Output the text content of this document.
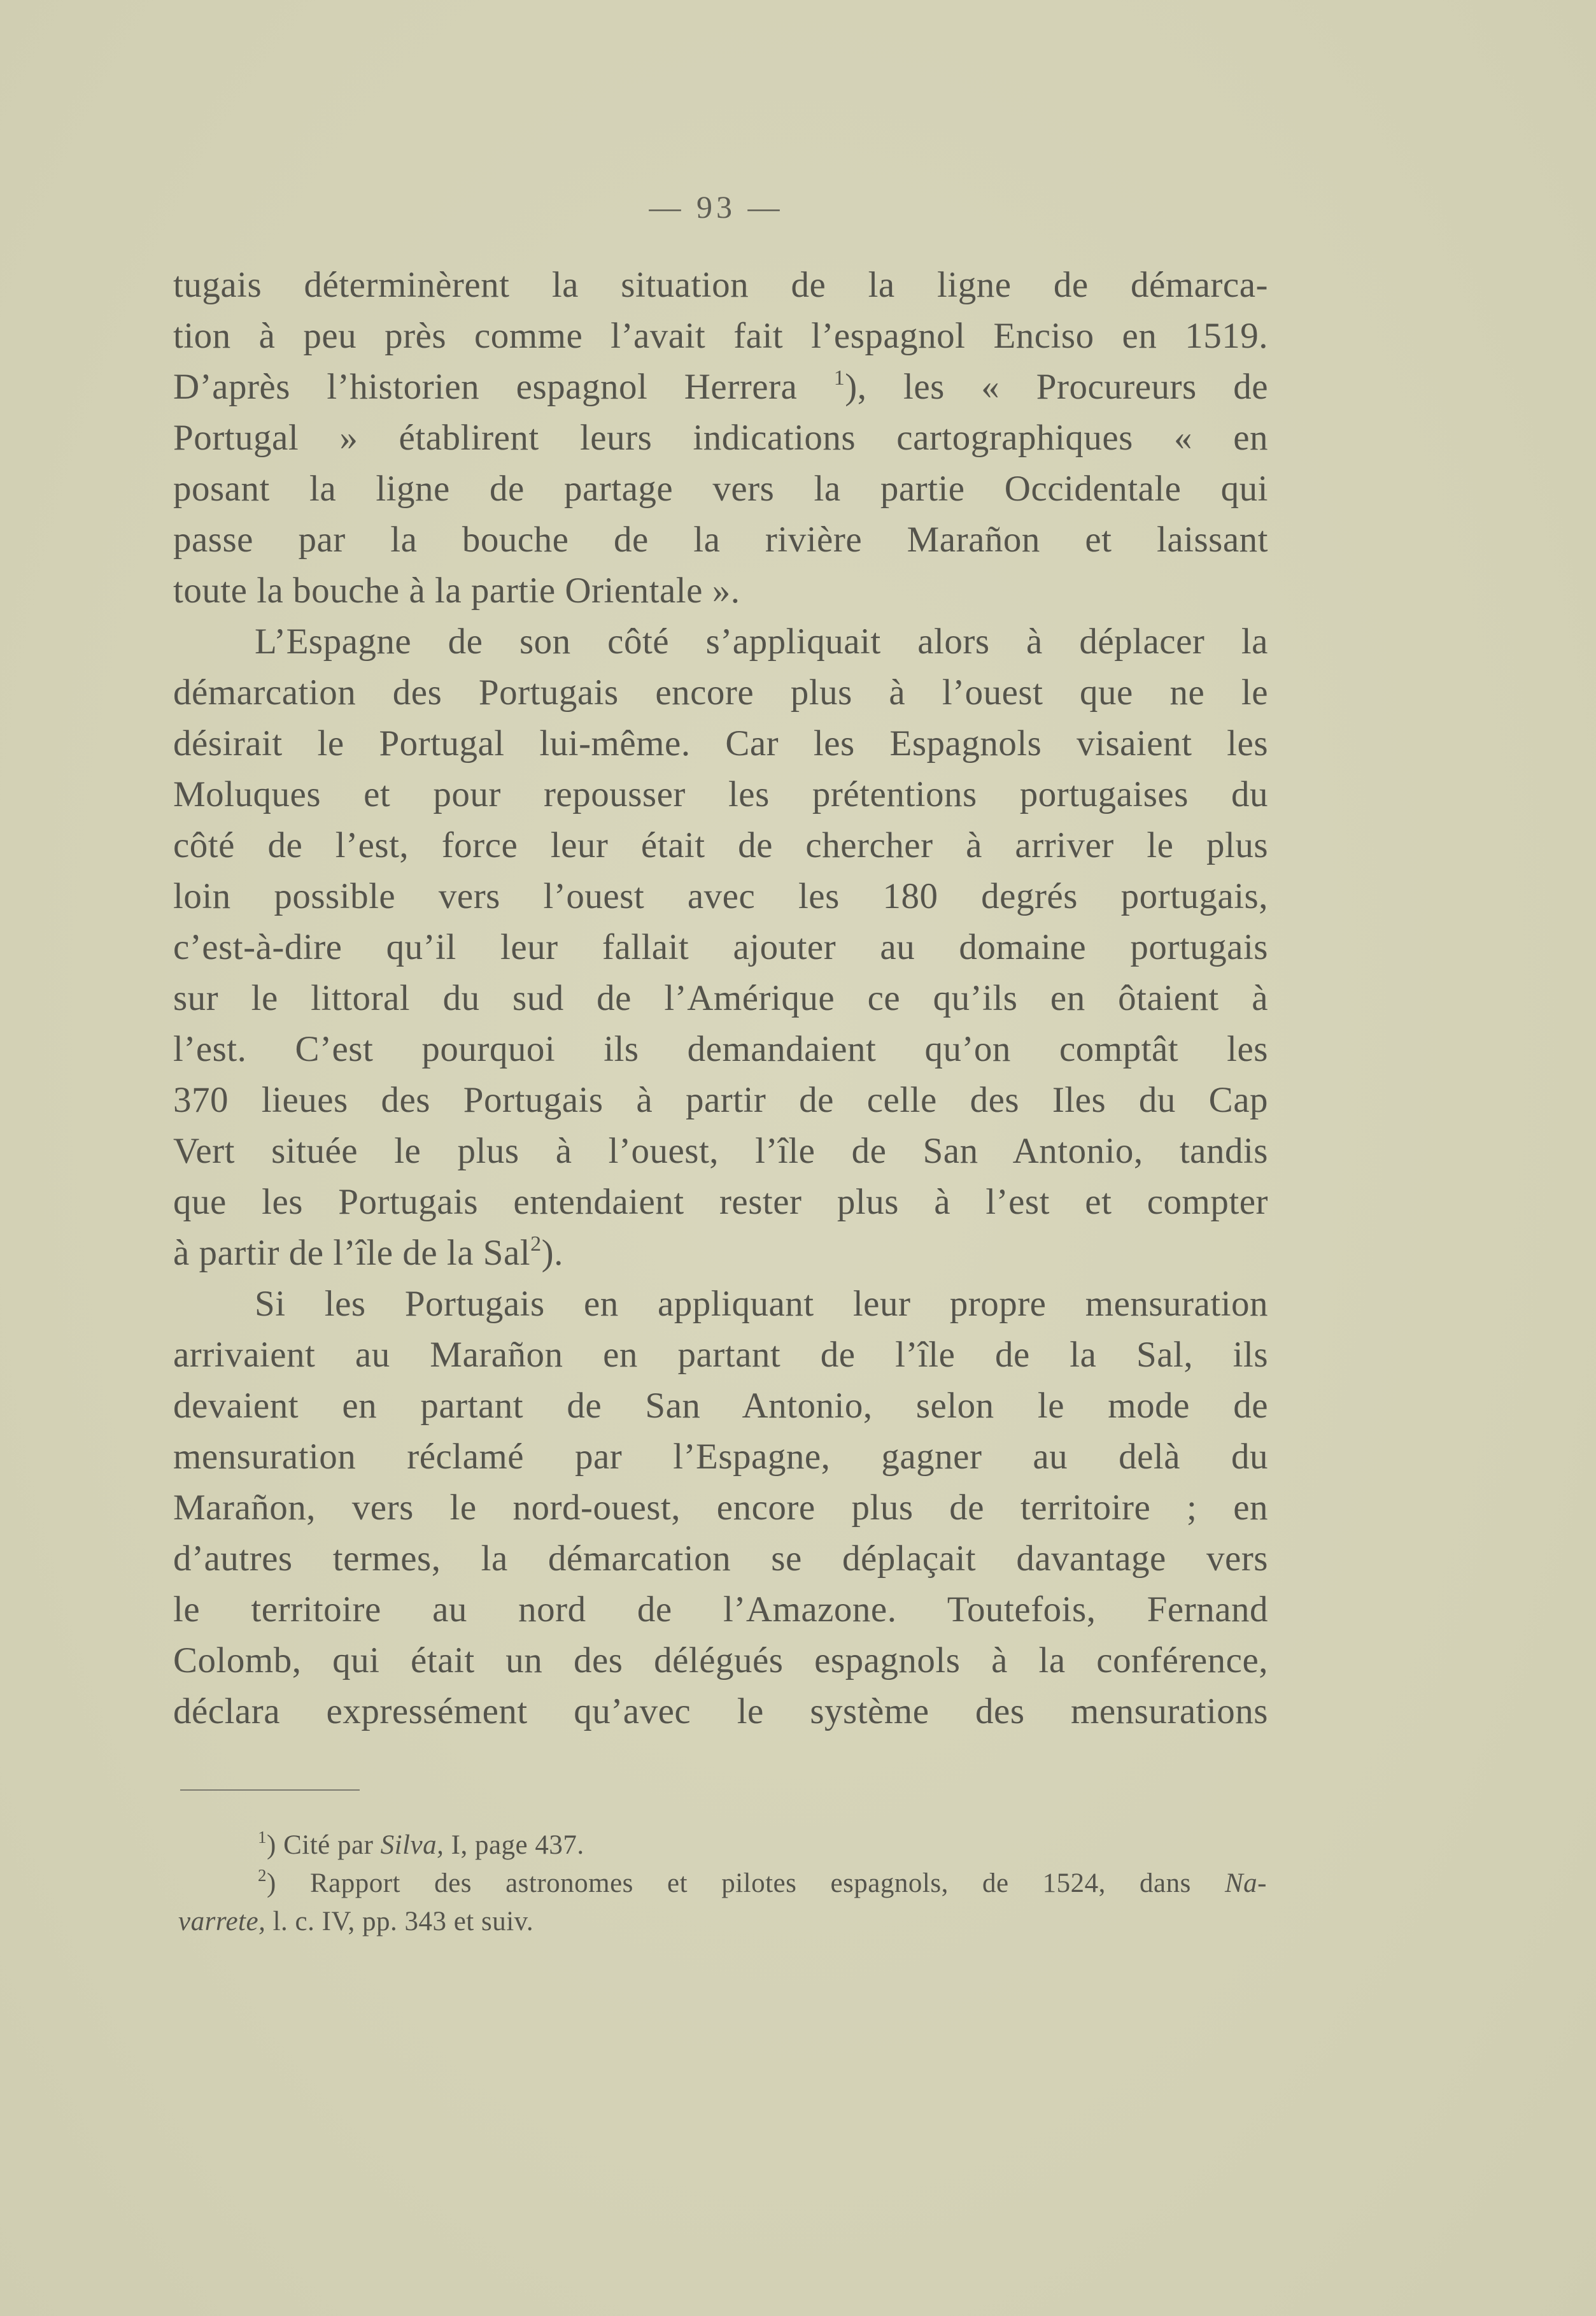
— 93 —
tugais déterminèrent la situation de la ligne de démarca-
tion à peu près comme l’avait fait l’espagnol Enciso en 1519.
D’après l’historien espagnol Herrera $^1$), les « Procureurs de
Portugal » établirent leurs indications cartographiques « en
posant la ligne de partage vers la partie Occidentale qui
passe par la bouche de la rivière Marañon et laissant
toute la bouche à la partie Orientale ».
L’Espagne de son côté s’appliquait alors à déplacer la
démarcation des Portugais encore plus à l’ouest que ne le
désirait le Portugal lui-même. Car les Espagnols visaient les
Moluques et pour repousser les prétentions portugaises du
côté de l’est, force leur était de chercher à arriver le plus
loin possible vers l’ouest avec les 180 degrés portugais,
c’est-à-dire qu’il leur fallait ajouter au domaine portugais
sur le littoral du sud de l’Amérique ce qu’ils en ôtaient à
l’est. C’est pourquoi ils demandaient qu’on comptât les
370 lieues des Portugais à partir de celle des Iles du Cap
Vert située le plus à l’ouest, l’île de San Antonio, tandis
que les Portugais entendaient rester plus à l’est et compter
à partir de l’île de la Sal$^2$).
Si les Portugais en appliquant leur propre mensuration
arrivaient au Marañon en partant de l’île de la Sal, ils
devaient en partant de San Antonio, selon le mode de
mensuration réclamé par l’Espagne, gagner au delà du
Marañon, vers le nord-ouest, encore plus de territoire ; en
d’autres termes, la démarcation se déplaçait davantage vers
le territoire au nord de l’Amazone. Toutefois, Fernand
Colomb, qui était un des délégués espagnols à la conférence,
déclara expressément qu’avec le système des mensurations
$^1$) Cité par Silva, I, page 437.
$^2$) Rapport des astronomes et pilotes espagnols, de 1524, dans Na-
varrete, l. c. IV, pp. 343 et suiv.
